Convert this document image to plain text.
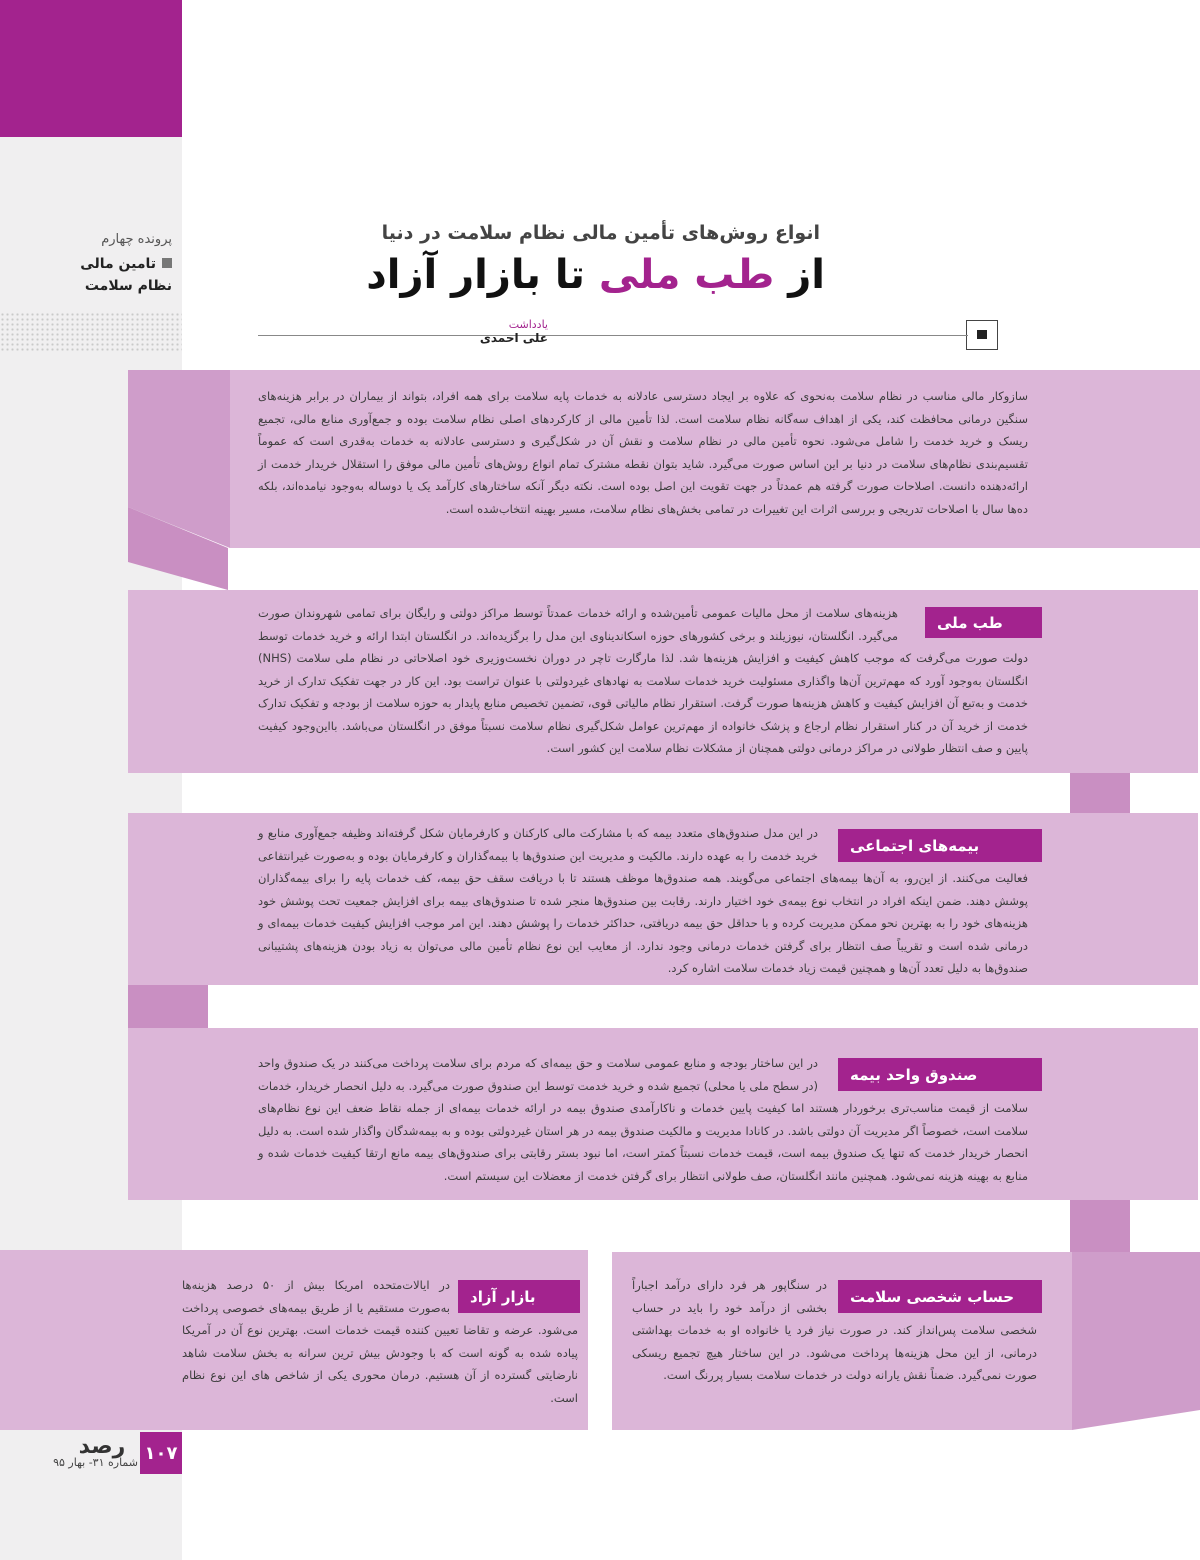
پرونده چهارم
تامین مالی
نظام سلامت
۱۰۷
رصد
شماره ۳۱- بهار ۹۵
انواع روش‌های تأمین مالی نظام سلامت در دنیا
از طب ملی تا بازار آزاد
یادداشت
علی احمدی
سازوکار مالی مناسب در نظام سلامت به‌نحوی که علاوه بر ایجاد دسترسی عادلانه به خدمات پایه سلامت برای همه افراد، بتواند از بیماران در برابر هزینه‌های سنگین درمانی محافظت کند، یکی از اهداف سه‌گانه نظام سلامت است. لذا تأمین مالی از کارکردهای اصلی نظام سلامت بوده و جمع‌آوری منابع مالی، تجمیع ریسک و خرید خدمت را شامل می‌شود. نحوه تأمین مالی در نظام سلامت و نقش آن در شکل‌گیری و دسترسی عادلانه به خدمات به‌قدری است که عموماً تقسیم‌بندی نظام‌های سلامت در دنیا بر این اساس صورت می‌گیرد. شاید بتوان نقطه مشترک تمام انواع روش‌های تأمین مالی موفق را استقلال خریدار خدمت از ارائه‌دهنده دانست. اصلاحات صورت گرفته هم عمدتاً در جهت تقویت این اصل بوده است. نکته دیگر آنکه ساختارهای کارآمد یک یا دوساله به‌وجود نیامده‌اند، بلکه ده‌ها سال با اصلاحات تدریجی و بررسی اثرات این تغییرات در تمامی بخش‌های نظام سلامت، مسیر بهینه انتخاب‌شده است.
طب ملی
هزینه‌های سلامت از محل مالیات عمومی تأمین‌شده و ارائه خدمات عمدتاً توسط مراکز دولتی و رایگان برای تمامی شهروندان صورت می‌گیرد. انگلستان، نیوزیلند و برخی کشورهای حوزه اسکاندیناوی این مدل را برگزیده‌اند. در انگلستان ابتدا ارائه و خرید خدمات توسط دولت صورت می‌گرفت که موجب کاهش کیفیت و افزایش هزینه‌ها شد. لذا مارگارت تاچر در دوران نخست‌وزیری خود اصلاحاتی در نظام ملی سلامت (NHS) انگلستان به‌وجود آورد که مهم‌ترین آن‌ها واگذاری مسئولیت خرید خدمات سلامت به نهادهای غیردولتی با عنوان تراست بود. این کار در جهت تفکیک تدارک از خرید خدمت و به‌تبع آن افزایش کیفیت و کاهش هزینه‌ها صورت گرفت. استقرار نظام مالیاتی قوی، تضمین تخصیص منابع پایدار به حوزه سلامت از بودجه و تفکیک تدارک خدمت از خرید آن در کنار استقرار نظام ارجاع و پزشک خانواده از مهم‌ترین عوامل شکل‌گیری نظام سلامت نسبتاً موفق در انگلستان می‌باشد. بااین‌وجود کیفیت پایین و صف انتظار طولانی در مراکز درمانی دولتی همچنان از مشکلات نظام سلامت این کشور است.
بیمه‌های اجتماعی
در این مدل صندوق‌های متعدد بیمه که با مشارکت مالی کارکنان و کارفرمایان شکل گرفته‌اند وظیفه جمع‌آوری منابع و خرید خدمت را به عهده دارند. مالکیت و مدیریت این صندوق‌ها با بیمه‌گذاران و کارفرمایان بوده و به‌صورت غیرانتفاعی فعالیت می‌کنند. از این‌رو، به آن‌ها بیمه‌های اجتماعی می‌گویند. همه صندوق‌ها موظف هستند تا با دریافت سقف حق بیمه، کف خدمات پایه را برای بیمه‌گذاران پوشش دهند. ضمن اینکه افراد در انتخاب نوع بیمه‌ی خود اختیار دارند. رقابت بین صندوق‌ها منجر شده تا صندوق‌های بیمه برای افزایش جمعیت تحت پوشش خود هزینه‌های خود را به بهترین نحو ممکن مدیریت کرده و با حداقل حق بیمه دریافتی، حداکثر خدمات را پوشش دهند. این امر موجب افزایش کیفیت خدمات بیمه‌ای و درمانی شده است و تقریباً صف انتظار برای گرفتن خدمات درمانی وجود ندارد. از معایب این نوع نظام تأمین مالی می‌توان به زیاد بودن هزینه‌های پشتیبانی صندوق‌ها به دلیل تعدد آن‌ها و همچنین قیمت زیاد خدمات سلامت اشاره کرد.
صندوق واحد بیمه
در این ساختار بودجه و منابع عمومی سلامت و حق بیمه‌ای که مردم برای سلامت پرداخت می‌کنند در یک صندوق واحد (در سطح ملی یا محلی) تجمیع شده و خرید خدمت توسط این صندوق صورت می‌گیرد. به دلیل انحصار خریدار، خدمات سلامت از قیمت مناسب‌تری برخوردار هستند اما کیفیت پایین خدمات و ناکارآمدی صندوق بیمه در ارائه خدمات بیمه‌ای از جمله نقاط ضعف این نوع نظام‌های سلامت است، خصوصاً اگر مدیریت آن دولتی باشد. در کانادا مدیریت و مالکیت صندوق بیمه در هر استان غیردولتی بوده و به بیمه‌شدگان واگذار شده است. به دلیل انحصار خریدار خدمت که تنها یک صندوق بیمه است، قیمت خدمات نسبتاً کمتر است، اما نبود بستر رقابتی برای صندوق‌های بیمه مانع ارتقا کیفیت خدمات شده و منابع به‌ بهینه هزینه نمی‌شود. همچنین مانند انگلستان، صف طولانی انتظار برای گرفتن خدمت از معضلات این سیستم است.
حساب شخصی سلامت
در سنگاپور هر فرد دارای درآمد اجباراً بخشی از درآمد خود را باید در حساب شخصی سلامت پس‌انداز کند. در صورت نیاز فرد یا خانواده او به خدمات بهداشتی درمانی، از این محل هزینه‌ها پرداخت می‌شود. در این ساختار هیچ تجمیع ریسکی صورت نمی‌گیرد. ضمناً نقش یارانه دولت در خدمات سلامت بسیار پررنگ است.
بازار آزاد
در ایالات‌متحده امریکا بیش از ۵۰ درصد هزینه‌ها به‌صورت مستقیم یا از طریق بیمه‌های خصوصی پرداخت می‌شود. عرضه و تقاضا تعیین کننده قیمت خدمات است. بهترین نوع آن در آمریکا پیاده شده به گونه است که با وجودش بیش ترین سرانه به بخش سلامت شاهد نارضایتی گسترده از آن هستیم. درمان محوری یکی از شاخص های این نوع نظام است.
